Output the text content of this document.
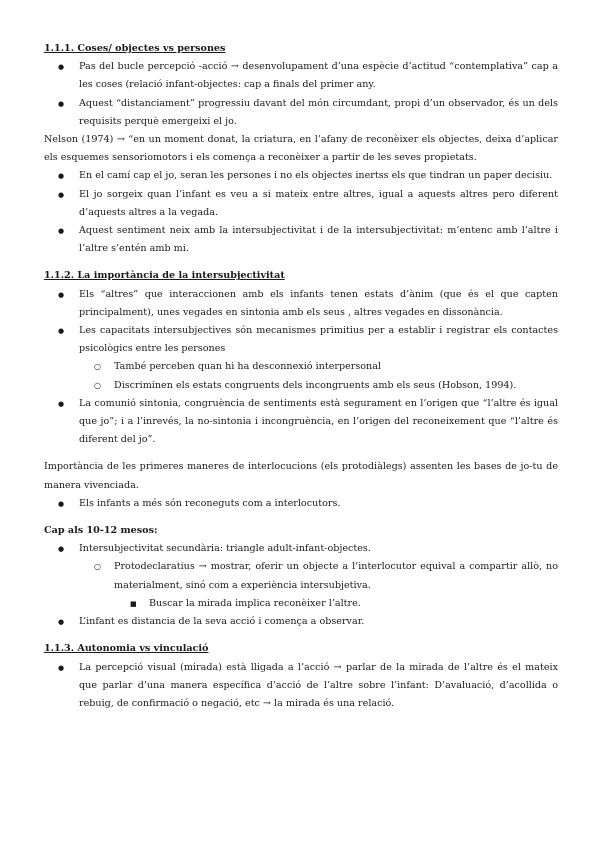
1.1.1. Coses/ objectes vs persones

● Pas del bucle percepció -acció → desenvolupament d’una espècie d’actitud “contemplativa” cap a les coses (relació infant-objectes: cap a finals del primer any.
● Aquest “distanciament” progressiu davant del món circumdant, propi d’un observador, és un dels requisits perquè emergeixi el jo.

Nelson (1974) → “en un moment donat, la criatura, en l’afany de reconèixer els objectes, deixa d’aplicar els esquemes sensoriomotors i els comença a reconèixer a partir de les seves propietats.

● En el camí cap el jo, seran les persones i no els objectes inertss els que tindran un paper decisiu.
● El jo sorgeix quan l’infant es veu a si mateix entre altres, igual a aquests altres pero diferent d’aquests altres a la vegada.
● Aquest sentiment neix amb la intersubjectivitat i de la intersubjectivitat: m’entenc amb l’altre i l’altre s’entén amb mi.

1.1.2. La importància de la intersubjectivitat

● Els “altres” que interaccionen amb els infants tenen estats d’ànim (que és el que capten principalment), unes vegades en sintonia amb els seus , altres vegades en dissonància.
● Les capacitats intersubjectives són mecanismes primitius per a establir i registrar els contactes psicològics entre les persones
○ També perceben quan hi ha desconnexió interpersonal
○ Discriminen els estats congruents dels incongruents amb els seus (Hobson, 1994).
● La comunió sintonia, congruència de sentiments està segurament en l’origen que “l’altre és igual que jo”; i a l’inrevés, la no-sintonia i incongruència, en l’origen del reconeixement que “l’altre és diferent del jo”.

Importància de les primeres maneres de interlocucions (els protodiàlegs) assenten les bases de jo-tu de manera vivenciada.

● Els infants a més són reconeguts com a interlocutors.

Cap als 10-12 mesos:

● Intersubjectivitat secundària: triangle adult-infant-objectes.
○ Protodeclaratius → mostrar, oferir un objecte a l’interlocutor equival a compartir allò, no materialment, sinó com a experiència intersubjetiva.
■ Buscar la mirada implica reconèixer l’altre.
● L’infant es distancia de la seva acció i comença a observar.

1.1.3. Autonomia vs vinculació

● La percepció visual (mirada) està lligada a l’acció → parlar de la mirada de l’altre és el mateix que parlar d’una manera específica d’acció de l’altre sobre l’infant: D’avaluació, d’acollida o rebuig, de confirmació o negació, etc → la mirada és una relació.
